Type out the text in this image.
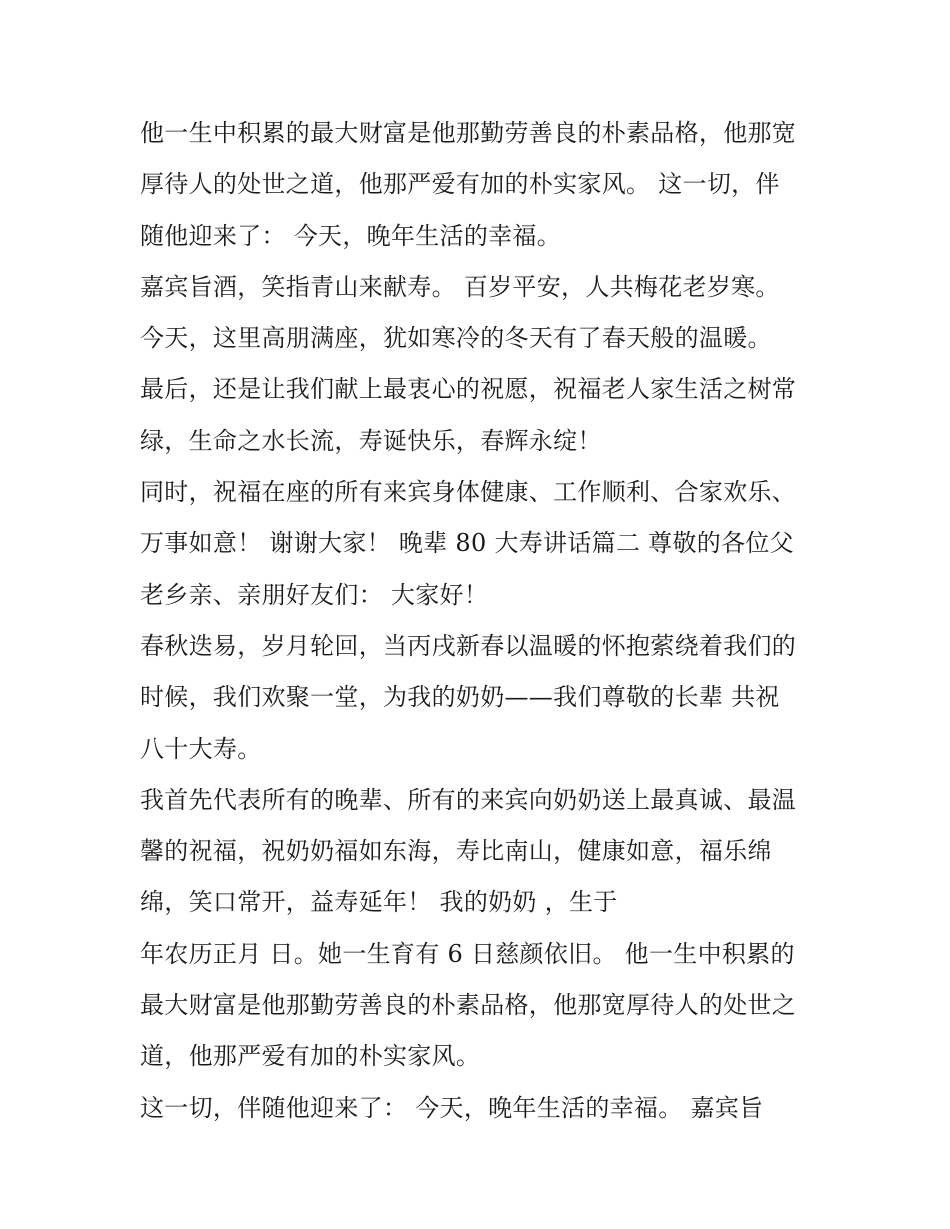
他一生中积累的最大财富是他那勤劳善良的朴素品格，他那宽
厚待人的处世之道，他那严爱有加的朴实家风。 这一切，伴
随他迎来了： 今天，晚年生活的幸福。
嘉宾旨酒，笑指青山来献寿。 百岁平安，人共梅花老岁寒。
今天，这里高朋满座，犹如寒冷的冬天有了春天般的温暖。
最后，还是让我们献上最衷心的祝愿，祝福老人家生活之树常
绿，生命之水长流，寿诞快乐，春辉永绽！
同时，祝福在座的所有来宾身体健康、工作顺利、合家欢乐、
万事如意！ 谢谢大家！ 晚辈 80 大寿讲话篇二 尊敬的各位父
老乡亲、亲朋好友们： 大家好！
春秋迭易，岁月轮回，当丙戌新春以温暖的怀抱萦绕着我们的
时候，我们欢聚一堂，为我的奶奶——我们尊敬的长辈 共祝
八十大寿。
我首先代表所有的晚辈、所有的来宾向奶奶送上最真诚、最温
馨的祝福，祝奶奶福如东海，寿比南山，健康如意，福乐绵
绵，笑口常开，益寿延年！ 我的奶奶 ，生于
年农历正月 日。她一生育有 6 日慈颜依旧。 他一生中积累的
最大财富是他那勤劳善良的朴素品格，他那宽厚待人的处世之
道，他那严爱有加的朴实家风。
这一切，伴随他迎来了： 今天，晚年生活的幸福。 嘉宾旨
